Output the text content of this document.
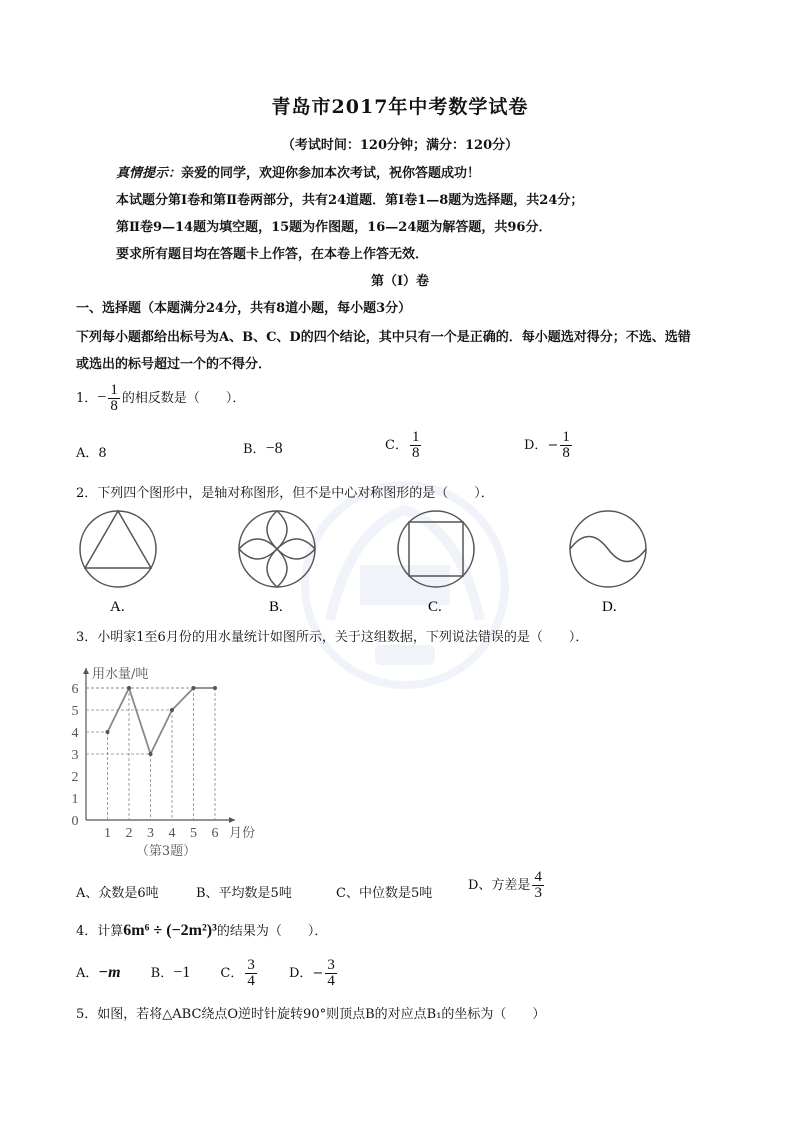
青岛市2017年中考数学试卷
（考试时间：120分钟；满分：120分）
真情提示：亲爱的同学，欢迎你参加本次考试，祝你答题成功！
本试题分第Ⅰ卷和第Ⅱ卷两部分，共有24道题．第Ⅰ卷1—8题为选择题，共24分；
第Ⅱ卷9—14题为填空题，15题为作图题，16—24题为解答题，共96分．
要求所有题目均在答题卡上作答，在本卷上作答无效．
第（Ⅰ）卷
一、选择题（本题满分24分，共有8道小题，每小题3分）
下列每小题都给出标号为A、B、C、D的四个结论，其中只有一个是正确的．每小题选对得分；不选、选错
或选出的标号超过一个的不得分．
1．− $\frac{1}{8}$ 的相反数是（　　）．
A．8	B．−8	C． $\frac{1}{8}$	D．− $\frac{1}{8}$
2．下列四个图形中，是轴对称图形，但不是中心对称图形的是（　　）．
A.	B.	C.	D.
3．小明家1至6月份的用水量统计如图所示，关于这组数据，下列说法错误的是（　　）．
0
1
2
3
4
5
6
1 2 3 4 5 6
用水量/吨
月份
（第3题）
A、众数是6吨	B、平均数是5吨	C、中位数是5吨
D、方差是 $\frac{4}{3}$
4．计算6m⁶ ÷ (−2m²)³的结果为（　　）．
A．−m B．−1 C． $\frac{3}{4}$ D．− $\frac{3}{4}$
5．如图，若将△ABC绕点O逆时针旋转90°则顶点B的对应点B₁的坐标为（　　）
